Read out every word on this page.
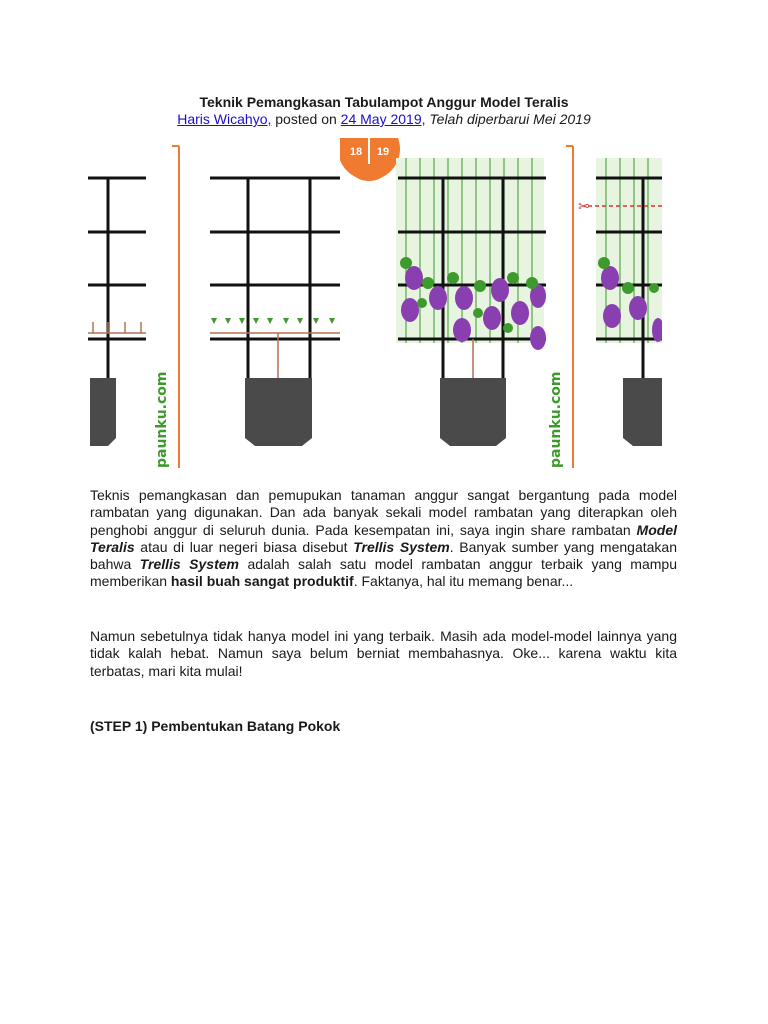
Teknik Pemangkasan Tabulampot Anggur Model Teralis
Haris Wicahyo, posted on 24 May 2019, Telah diperbarui Mei 2019
paunku.com
18 19
paunku.com
✂
Teknis pemangkasan dan pemupukan tanaman anggur sangat bergantung pada model rambatan yang digunakan. Dan ada banyak sekali model rambatan yang diterapkan oleh penghobi anggur di seluruh dunia. Pada kesempatan ini, saya ingin share rambatan Model Teralis atau di luar negeri biasa disebut Trellis System. Banyak sumber yang mengatakan bahwa Trellis System adalah salah satu model rambatan anggur terbaik yang mampu memberikan hasil buah sangat produktif. Faktanya, hal itu memang benar...
Namun sebetulnya tidak hanya model ini yang terbaik. Masih ada model-model lainnya yang tidak kalah hebat. Namun saya belum berniat membahasnya. Oke... karena waktu kita terbatas, mari kita mulai!
(STEP 1) Pembentukan Batang Pokok
